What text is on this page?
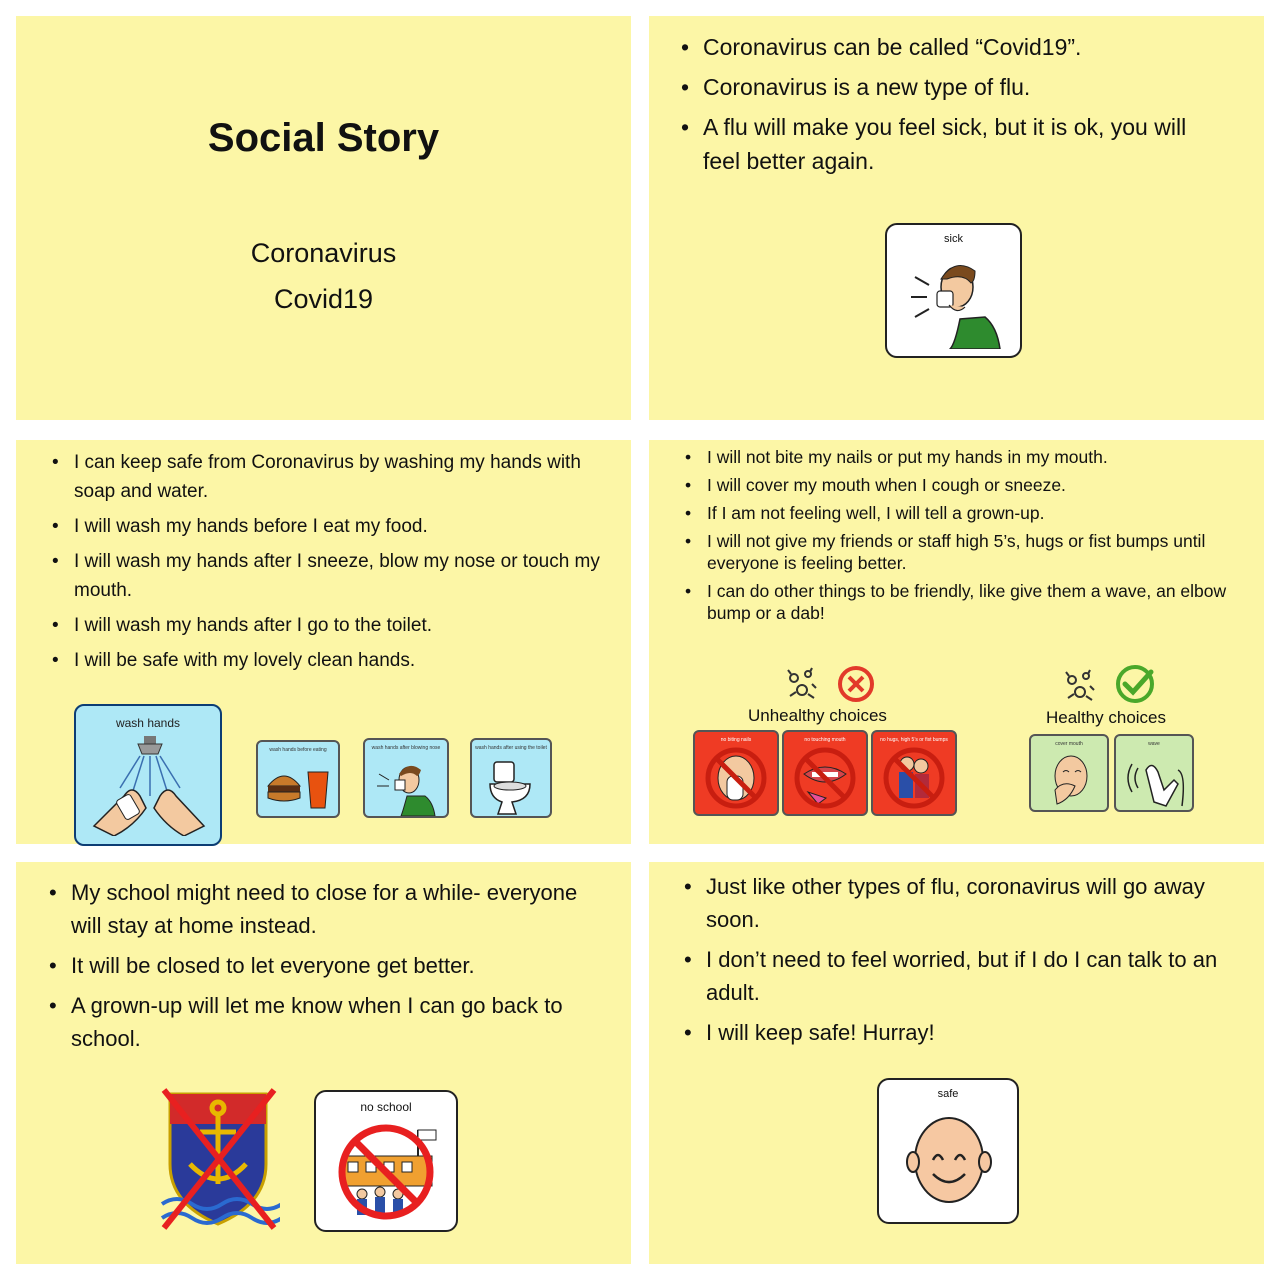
Social Story

Coronavirus

Covid19

• Coronavirus can be called “Covid19”.
• Coronavirus is a new type of flu.
• A flu will make you feel sick, but it is ok, you will feel better again.
sick
• I can keep safe from Coronavirus by washing my hands with soap and water.
• I will wash my hands before I eat my food.
• I will wash my hands after I sneeze, blow my nose or touch my mouth.
• I will wash my hands after I go to the toilet.
• I will be safe with my lovely clean hands.
wash hands
wash hands before eating	wash hands after blowing nose	wash hands after using the toilet
• I will not bite my nails or put my hands in my mouth.
• I will cover my mouth when I cough or sneeze.
• If I am not feeling well, I will tell a grown-up.
• I will not give my friends or staff high 5’s, hugs or fist bumps until everyone is feeling better.
• I can do other things to be friendly, like give them a wave, an elbow bump or a dab!
Unhealthy choices
no biting nails	no touching mouth	no hugs, high 5’s or fist bumps
Healthy choices
cover mouth	wave
• My school might need to close for a while- everyone will stay at home instead.
• It will be closed to let everyone get better.
• A grown-up will let me know when I can go back to school.
no school
• Just like other types of flu, coronavirus will go away soon.
• I don’t need to feel worried, but if I do I can talk to an adult.
• I will keep safe! Hurray!
safe
